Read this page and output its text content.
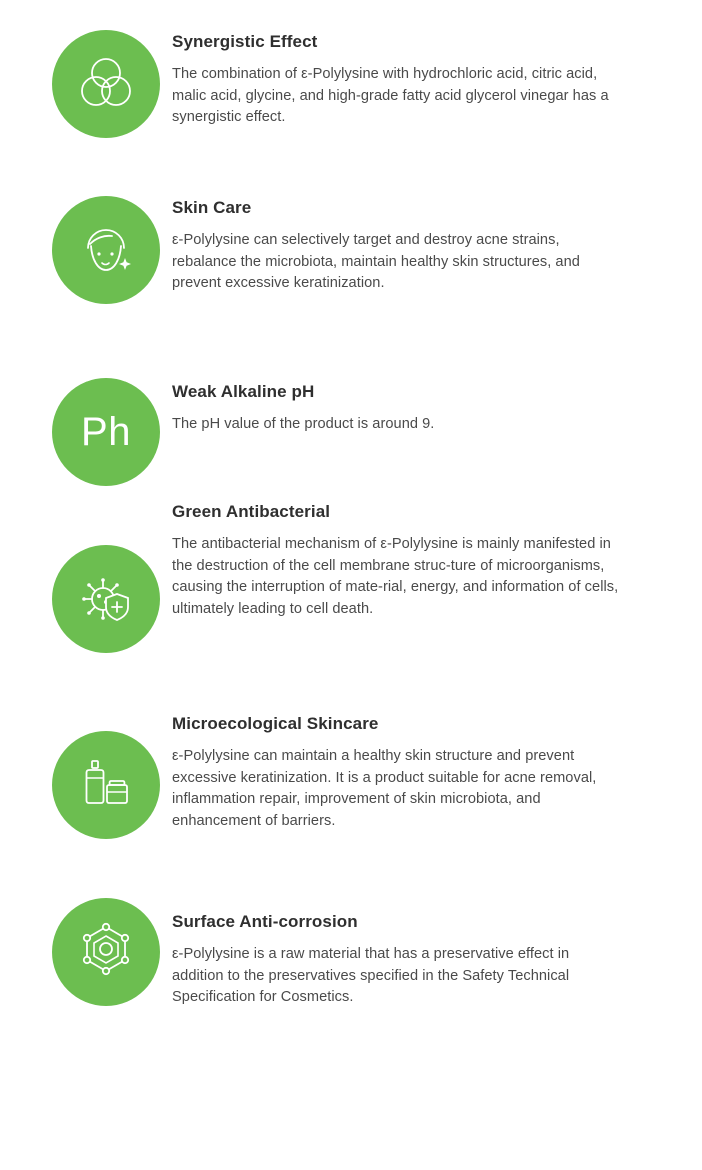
Synergistic Effect

The combination of ε-Polylysine with hydrochloric acid, citric acid, malic acid, glycine, and high-grade fatty acid glycerol vinegar has a synergistic effect.

Skin Care

ε-Polylysine can selectively target and destroy acne strains, rebalance the microbiota, maintain healthy skin structures, and prevent excessive keratinization.

Ph
Weak Alkaline pH

The pH value of the product is around 9.

Green Antibacterial

The antibacterial mechanism of ε-Polylysine is mainly manifested in the destruction of the cell membrane struc-ture of microorganisms, causing the interruption of mate-rial, energy, and information of cells, ultimately leading to cell death.

Microecological Skincare

ε-Polylysine can maintain a healthy skin structure and prevent excessive keratinization. It is a product suitable for acne removal, inflammation repair, improvement of skin microbiota, and enhancement of barriers.

Surface Anti-corrosion

ε-Polylysine is a raw material that has a preservative effect in addition to the preservatives specified in the Safety Technical Specification for Cosmetics.
